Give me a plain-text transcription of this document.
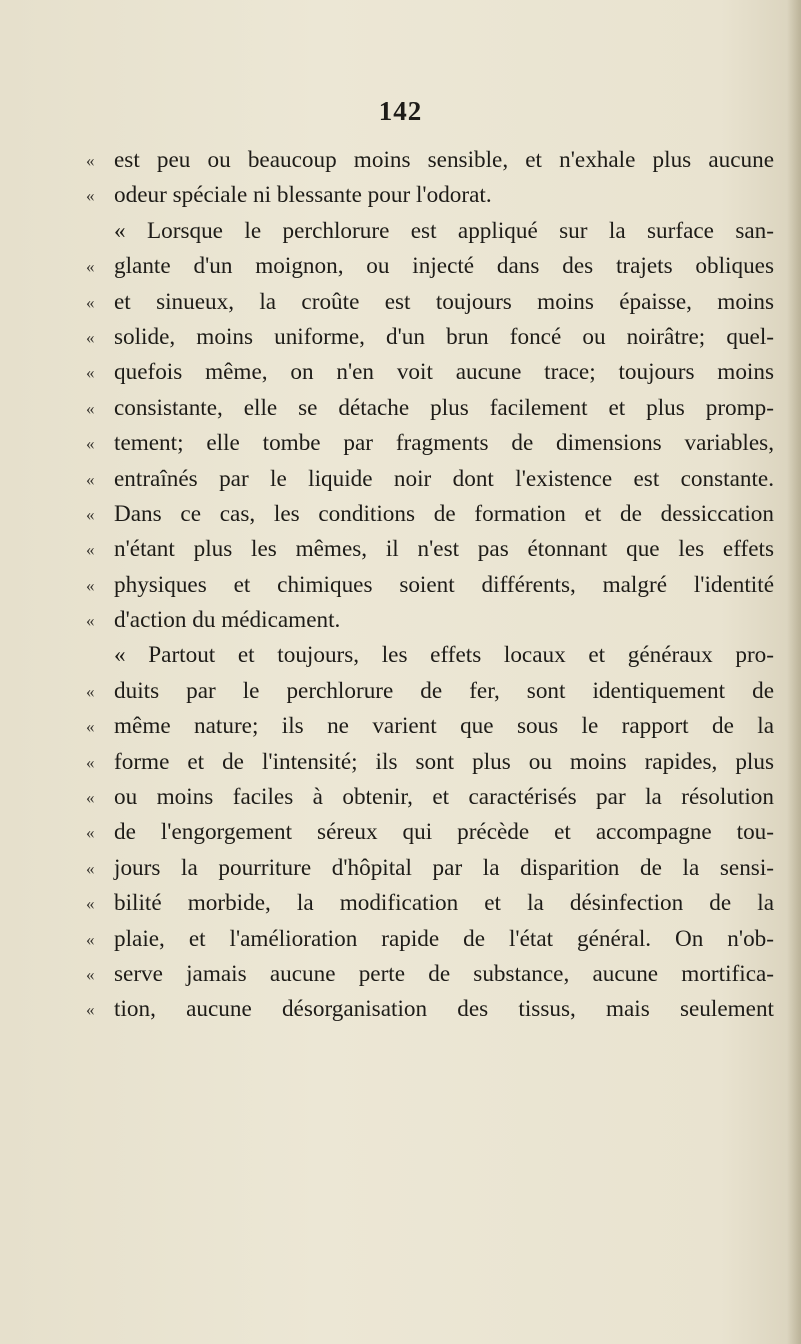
142
« est peu ou beaucoup moins sensible, et n'exhale plus aucune
« odeur spéciale ni blessante pour l'odorat.
« Lorsque le perchlorure est appliqué sur la surface san-
« glante d'un moignon, ou injecté dans des trajets obliques
« et sinueux, la croûte est toujours moins épaisse, moins
« solide, moins uniforme, d'un brun foncé ou noirâtre; quel-
« quefois même, on n'en voit aucune trace; toujours moins
« consistante, elle se détache plus facilement et plus promp-
« tement; elle tombe par fragments de dimensions variables,
« entraînés par le liquide noir dont l'existence est constante.
« Dans ce cas, les conditions de formation et de dessiccation
« n'étant plus les mêmes, il n'est pas étonnant que les effets
« physiques et chimiques soient différents, malgré l'identité
« d'action du médicament.
« Partout et toujours, les effets locaux et généraux pro-
« duits par le perchlorure de fer, sont identiquement de
« même nature; ils ne varient que sous le rapport de la
« forme et de l'intensité; ils sont plus ou moins rapides, plus
« ou moins faciles à obtenir, et caractérisés par la résolution
« de l'engorgement séreux qui précède et accompagne tou-
« jours la pourriture d'hôpital par la disparition de la sensi-
« bilité morbide, la modification et la désinfection de la
« plaie, et l'amélioration rapide de l'état général. On n'ob-
« serve jamais aucune perte de substance, aucune mortifica-
« tion, aucune désorganisation des tissus, mais seulement
